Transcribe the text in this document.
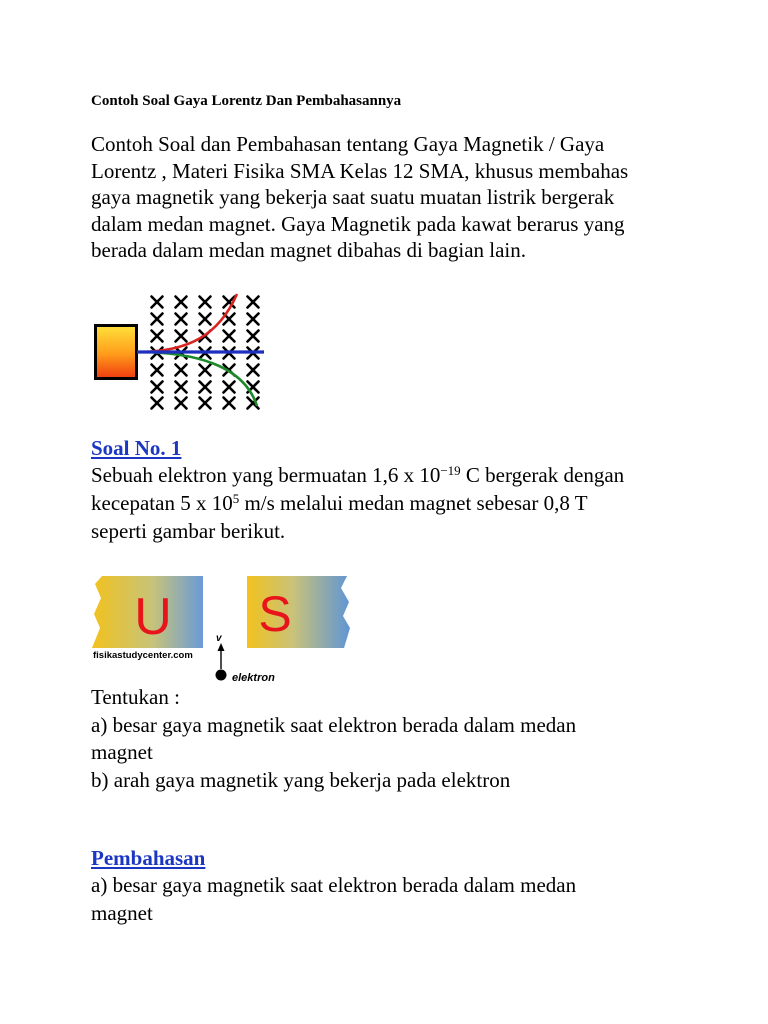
Contoh Soal Gaya Lorentz Dan Pembahasannya

Contoh Soal dan Pembahasan tentang Gaya Magnetik / Gaya
Lorentz , Materi Fisika SMA Kelas 12 SMA, khusus membahas
gaya magnetik yang bekerja saat suatu muatan listrik bergerak
dalam medan magnet. Gaya Magnetik pada kawat berarus yang
berada dalam medan magnet dibahas di bagian lain.

Soal No. 1

Sebuah elektron yang bermuatan 1,6 x $10^{-19}$ C bergerak dengan
kecepatan 5 x $10^5$ m/s melalui medan magnet sebesar 0,8 T
seperti gambar berikut.

U S
fisikastudycenter.com
v
elektron

Tentukan :
a) besar gaya magnetik saat elektron berada dalam medan
magnet
b) arah gaya magnetik yang bekerja pada elektron

Pembahasan

a) besar gaya magnetik saat elektron berada dalam medan
magnet
